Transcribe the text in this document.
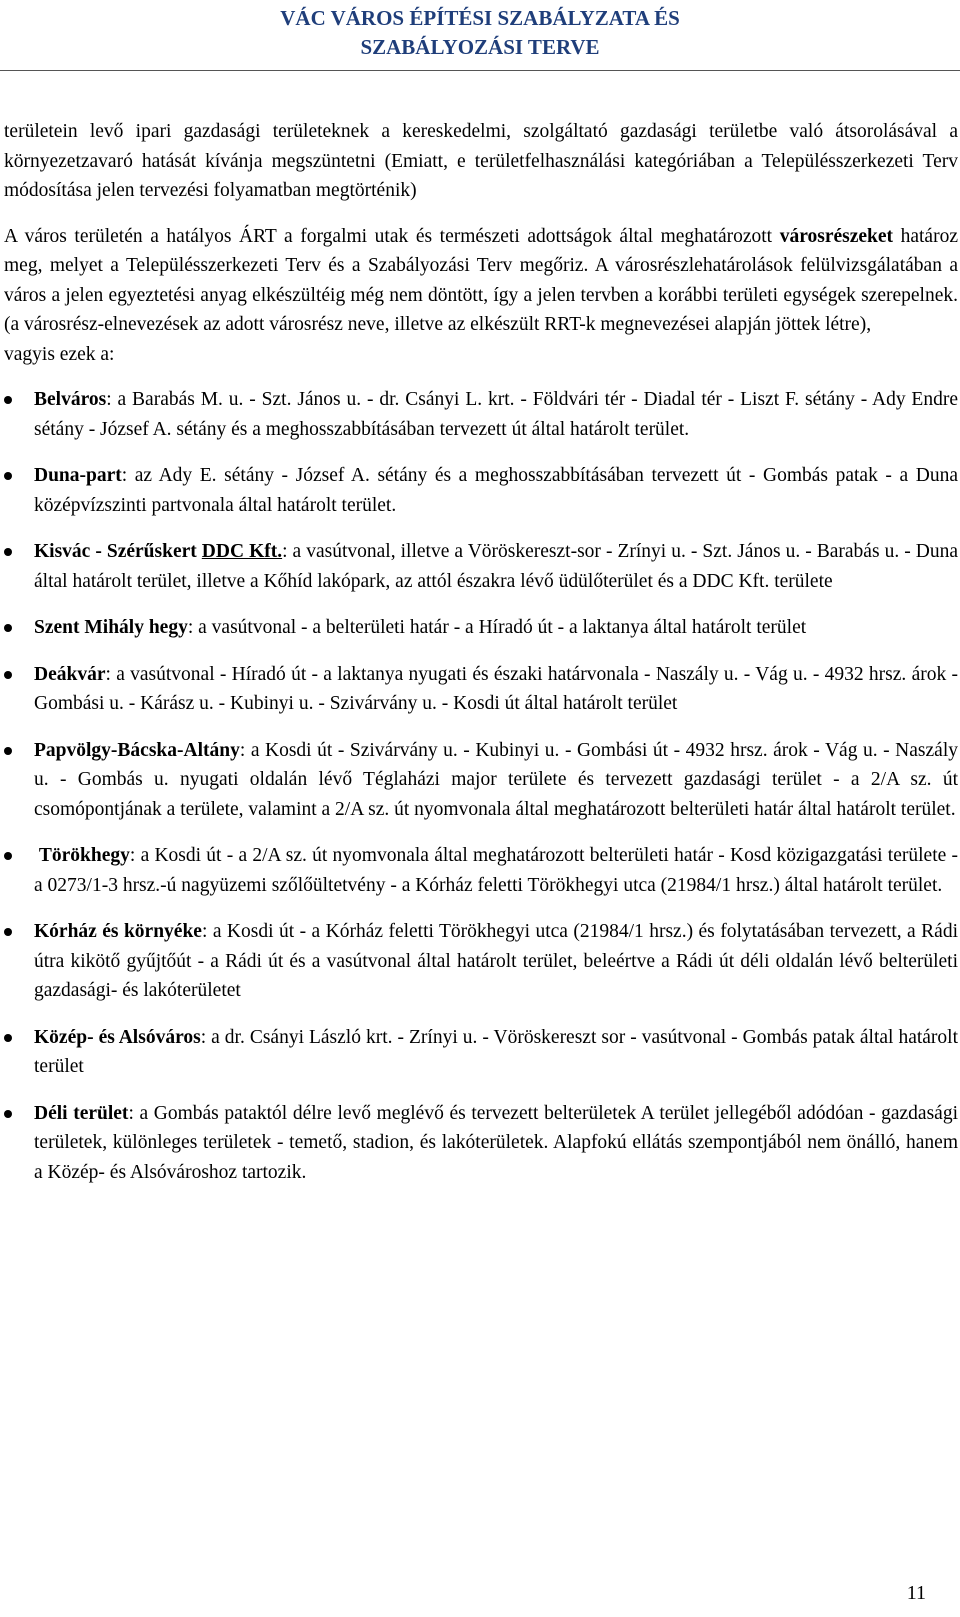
VÁC VÁROS ÉPÍTÉSI SZABÁLYZATA ÉS
SZABÁLYOZÁSI TERVE

területein levő ipari gazdasági területeknek a kereskedelmi, szolgáltató gazdasági területbe való átsorolásával a környezetzavaró hatását kívánja megszüntetni (Emiatt, e területfelhasználási kategóriában a Településszerkezeti Terv módosítása jelen tervezési folyamatban megtörténik)

A város területén a hatályos ÁRT a forgalmi utak és természeti adottságok által meghatározott városrészeket határoz meg, melyet a Településszerkezeti Terv és a Szabályozási Terv megőriz. A városrészlehatárolások felülvizsgálatában a város a jelen egyeztetési anyag elkészültéig még nem döntött, így a jelen tervben a korábbi területi egységek szerepelnek. (a városrész-elnevezések az adott városrész neve, illetve az elkészült RRT-k megnevezései alapján jöttek létre),

vagyis ezek a:

Belváros: a Barabás M. u. - Szt. János u. - dr. Csányi L. krt. - Földvári tér - Diadal tér - Liszt F. sétány - Ady Endre sétány - József A. sétány és a meghosszabbításában tervezett út által határolt terület.
Duna-part: az Ady E. sétány - József A. sétány és a meghosszabbításában tervezett út - Gombás patak - a Duna középvízszinti partvonala által határolt terület.
Kisvác - Szérűskert DDC Kft.: a vasútvonal, illetve a Vöröskereszt-sor - Zrínyi u. - Szt. János u. - Barabás u. - Duna által határolt terület, illetve a Kőhíd lakópark, az attól északra lévő üdülőterület és a DDC Kft. területe
Szent Mihály hegy: a vasútvonal - a belterületi határ - a Híradó út - a laktanya által határolt terület
Deákvár: a vasútvonal - Híradó út - a laktanya nyugati és északi határvonala - Naszály u. - Vág u. - 4932 hrsz. árok - Gombási u. - Kárász u. - Kubinyi u. - Szivárvány u. - Kosdi út által határolt terület
Papvölgy-Bácska-Altány: a Kosdi út - Szivárvány u. - Kubinyi u. - Gombási út - 4932 hrsz. árok - Vág u. - Naszály u. - Gombás u. nyugati oldalán lévő Téglaházi major területe és tervezett gazdasági terület - a 2/A sz. út csomópontjának a területe, valamint a 2/A sz. út nyomvonala által meghatározott belterületi határ által határolt terület.
Törökhegy: a Kosdi út - a 2/A sz. út nyomvonala által meghatározott belterületi határ - Kosd közigazgatási területe - a 0273/1-3 hrsz.-ú nagyüzemi szőlőültetvény - a Kórház feletti Törökhegyi utca (21984/1 hrsz.) által határolt terület.
Kórház és környéke: a Kosdi út - a Kórház feletti Törökhegyi utca (21984/1 hrsz.) és folytatásában tervezett, a Rádi útra kikötő gyűjtőút - a Rádi út és a vasútvonal által határolt terület, beleértve a Rádi út déli oldalán lévő belterületi gazdasági- és lakóterületet
Közép- és Alsóváros: a dr. Csányi László krt. - Zrínyi u. - Vöröskereszt sor - vasútvonal - Gombás patak által határolt terület
Déli terület: a Gombás pataktól délre levő meglévő és tervezett belterületek A terület jellegéből adódóan - gazdasági területek, különleges területek - temető, stadion, és lakóterületek. Alapfokú ellátás szempontjából nem önálló, hanem a Közép- és Alsóvároshoz tartozik.
11
